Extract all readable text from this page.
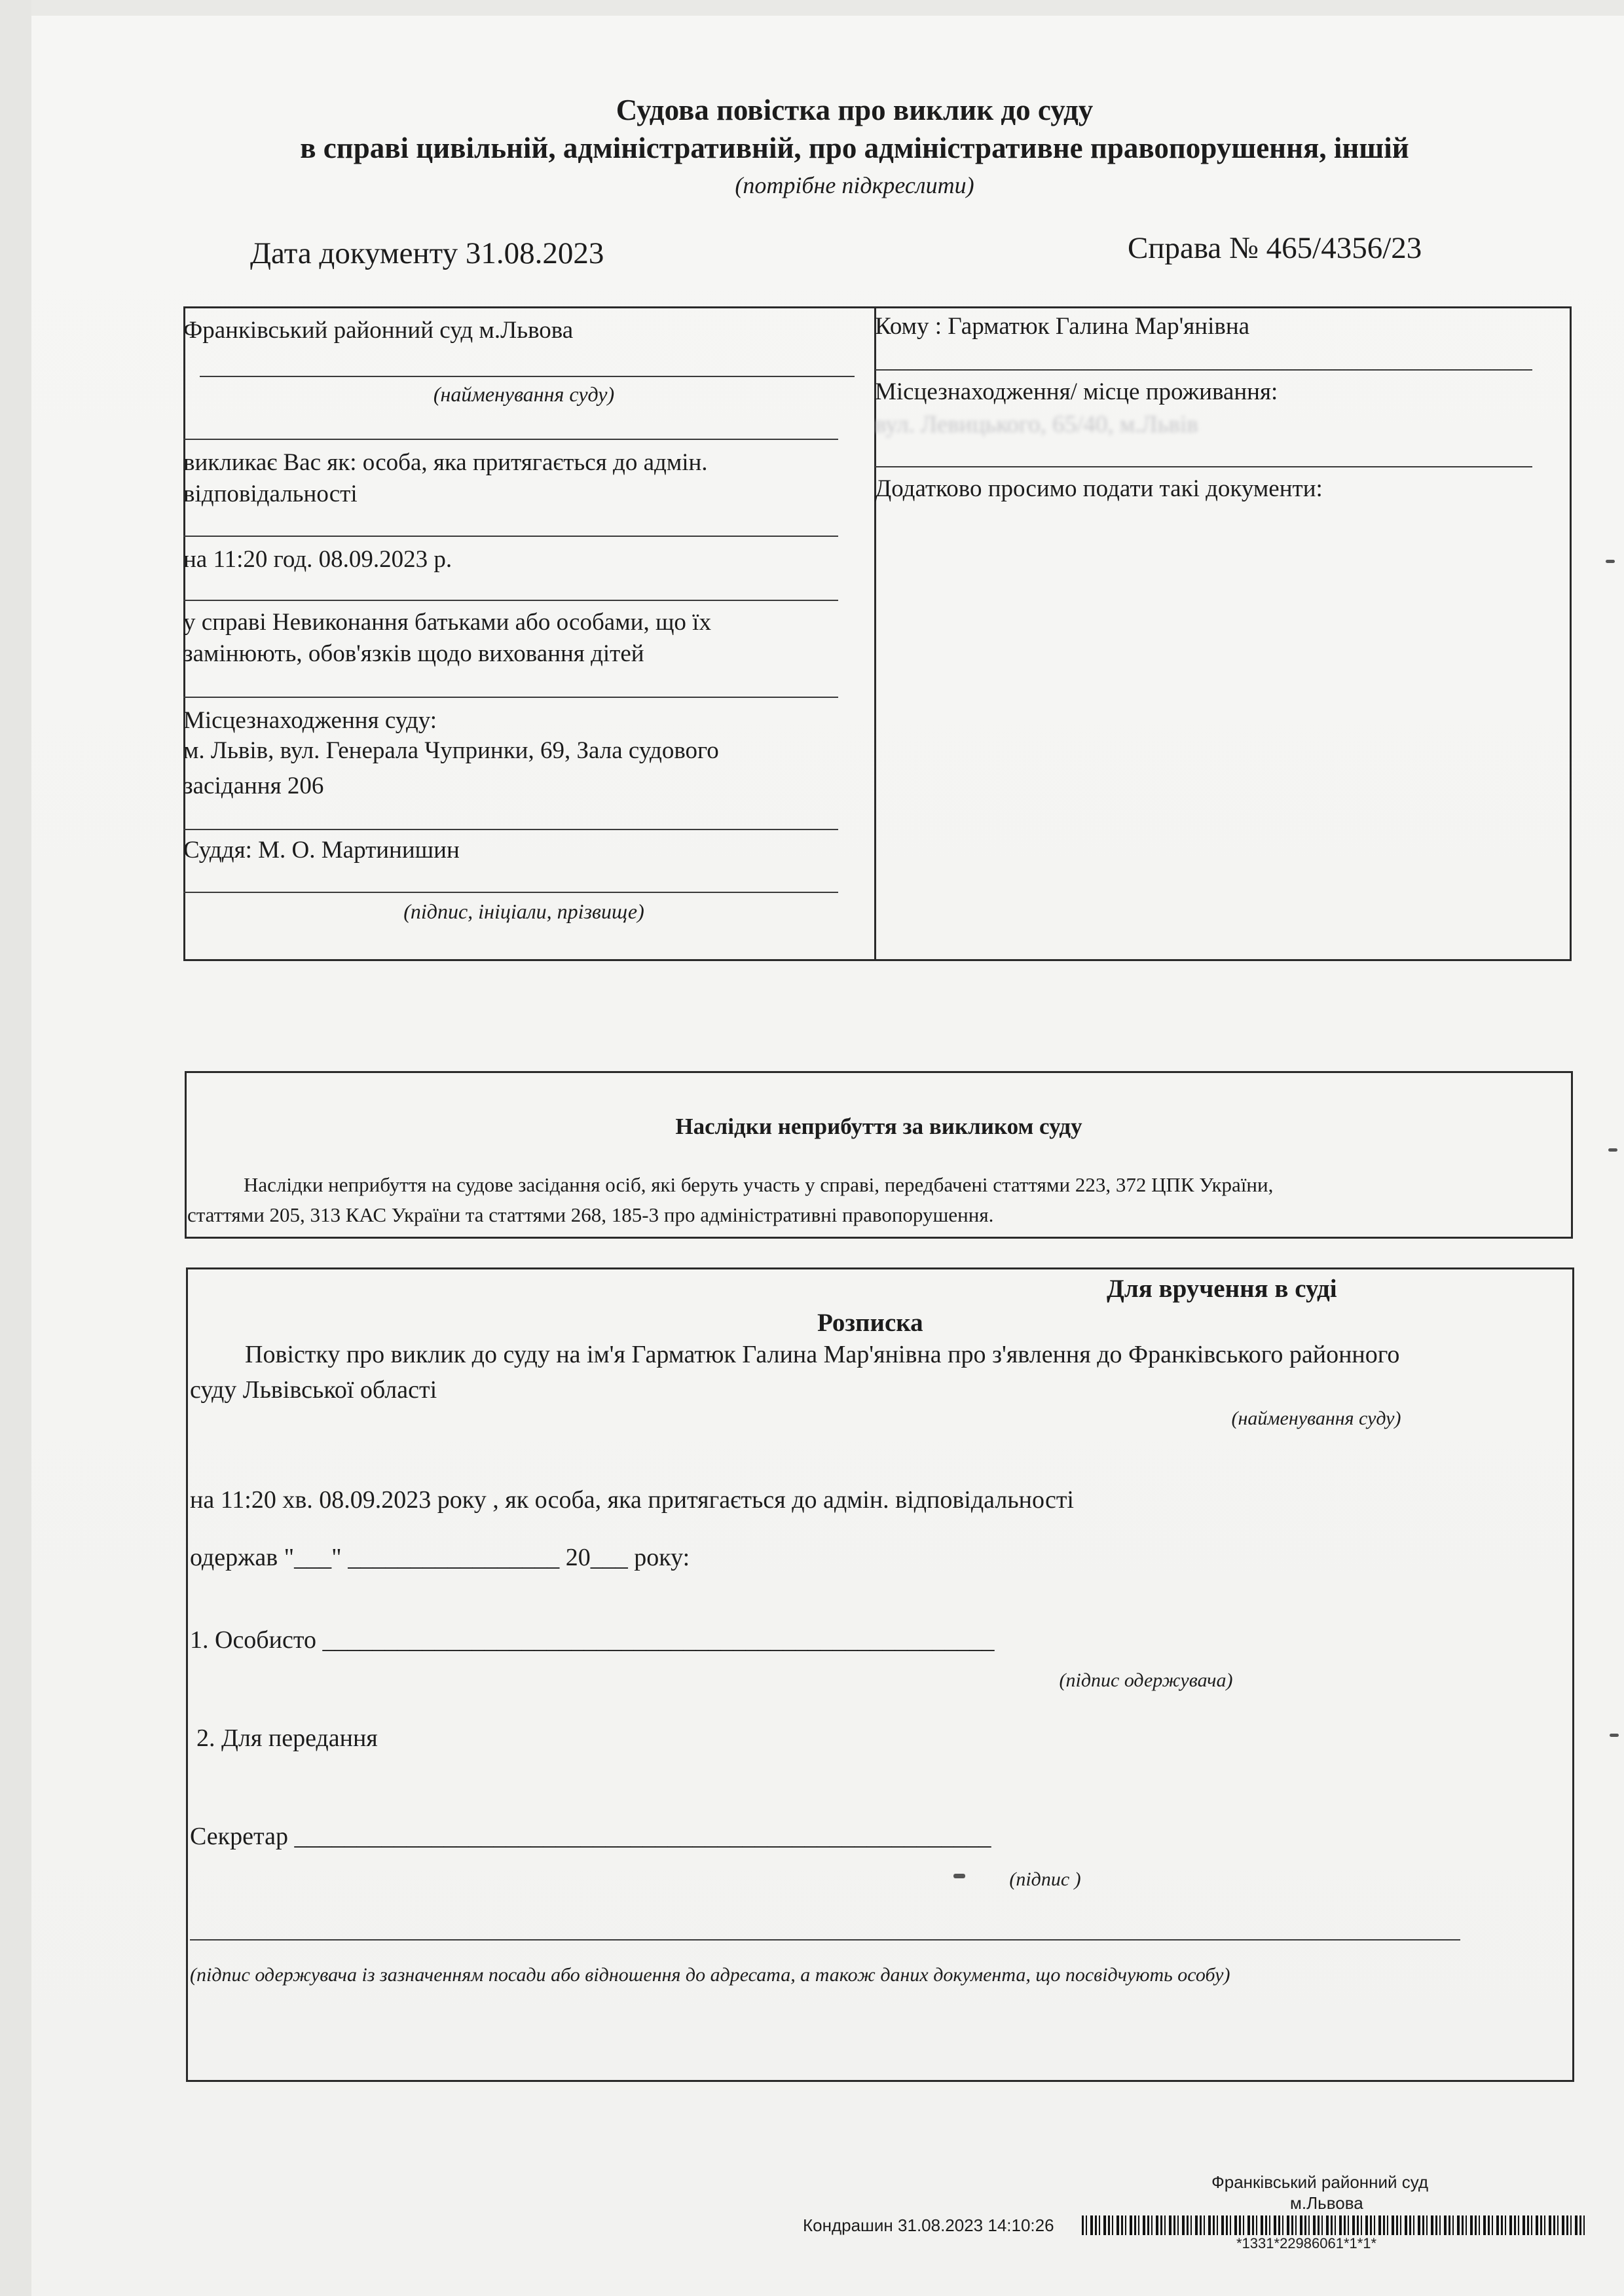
Судова повістка про виклик до суду
в справі цивільній, адміністративній, про адміністративне правопорушення, іншій
(потрібне підкреслити)
Дата документу 31.08.2023	Справа № 465/4356/23
Франківський районний суд м.Львова
(найменування суду)
викликає Вас як: особа, яка притягається до адмін.
відповідальності
на 11:20 год. 08.09.2023 р.
у справі Невиконання батьками або особами, що їх
замінюють, обов'язків щодо виховання дітей
Місцезнаходження суду:
м. Львів, вул. Генерала Чупринки, 69, Зала судового
засідання 206
Суддя: М. О. Мартинишин
(підпис, ініціали, прізвище)
Кому : Гарматюк Галина Мар'янівна
Місцезнаходження/ місце проживання:
вул. Левицького, 65/40, м.Львів
Додатково просимо подати такі документи:
Наслідки неприбуття за викликом суду
Наслідки неприбуття на судове засідання осіб, які беруть участь у справі, передбачені статтями 223, 372 ЦПК України,
статтями 205, 313 КАС України та статтями 268, 185-3 про адміністративні правопорушення.
Для вручення в суді
Розписка
Повістку про виклик до суду на ім'я Гарматюк Галина Мар'янівна про з'явлення до Франківського районного
суду Львівської області
(найменування суду)
на 11:20 хв. 08.09.2023 року , як особа, яка притягається до адмін. відповідальності
одержав "___" _________________ 20___ року:
1. Особисто ______________________________________________________
(підпис одержувача)
2. Для передання
Секретар ________________________________________________________
(підпис )
(підпис одержувача із зазначенням посади або відношення до адресата, а також даних документа, що посвідчують особу)
Франківський районний суд
м.Львова
Кондрашин 31.08.2023 14:10:26
*1331*22986061*1*1*
